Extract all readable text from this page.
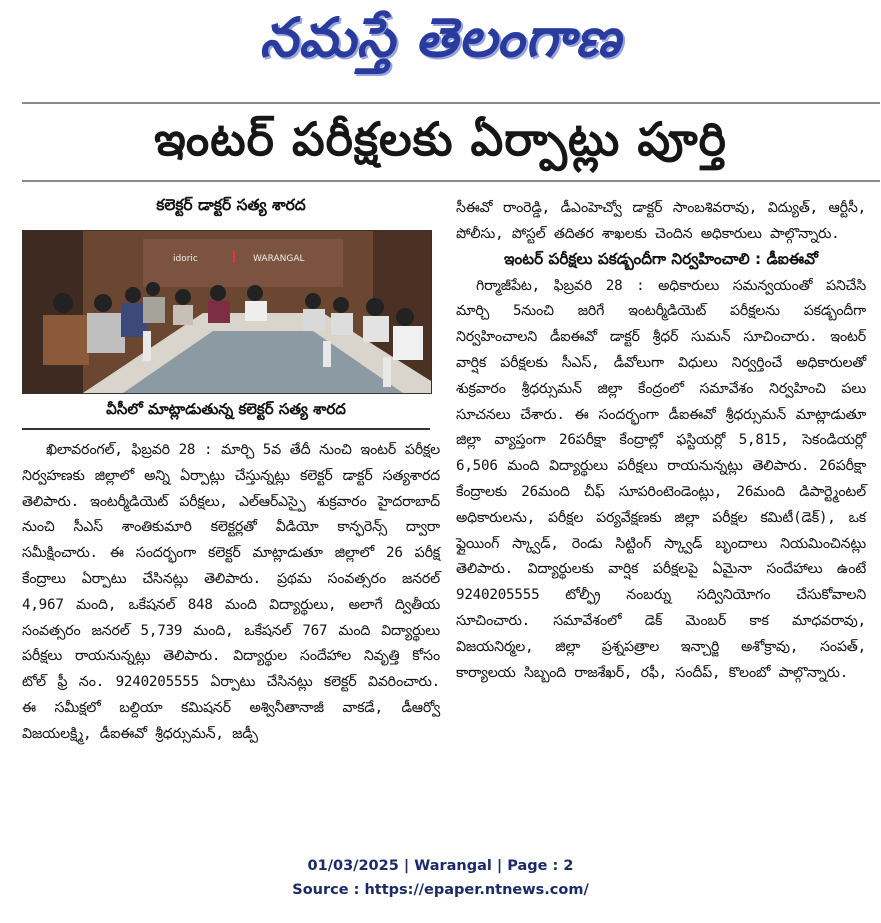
నమస్తే తెలంగాణ
ఇంటర్ పరీక్షలకు ఏర్పాట్లు పూర్తి
కలెక్టర్ డాక్టర్ సత్య శారద
WARANGAL
idoric
వీసీలో మాట్లాడుతున్న కలెక్టర్ సత్య శారద

ఖిలావరంగల్, ఫిబ్రవరి 28 : మార్చి 5వ తేదీ నుంచి ఇంటర్ పరీక్షల నిర్వహణకు జిల్లాలో అన్ని ఏర్పాట్లు చేస్తున్నట్లు కలెక్టర్ డాక్టర్ సత్యశారద తెలిపారు. ఇంటర్మీడియెట్ పరీక్షలు, ఎల్ఆర్ఎస్పై శుక్రవారం హైదరాబాద్ నుంచి సీఎస్ శాంతికుమారి కలెక్టర్లతో వీడియో కాన్ఫరెన్స్ ద్వారా సమీక్షించారు. ఈ సందర్భంగా కలెక్టర్ మాట్లాడుతూ జిల్లాలో 26 పరీక్ష కేంద్రాలు ఏర్పాటు చేసినట్లు తెలిపారు. ప్రథమ సంవత్సరం జనరల్ 4,967 మంది, ఒకేషనల్ 848 మంది విద్యార్థులు, అలాగే ద్వితీయ సంవత్సరం జనరల్ 5,739 మంది, ఒకేషనల్ 767 మంది విద్యార్థులు పరీక్షలు రాయనున్నట్లు తెలిపారు. విద్యార్థుల సందేహాల నివృత్తి కోసం టోల్ ఫ్రీ నం. 9240205555 ఏర్పాటు చేసినట్లు కలెక్టర్ వివరించారు. ఈ సమీక్షలో బల్దియా కమిషనర్ అశ్వినీతానాజీ వాకడే, డీఆర్వో విజయలక్ష్మి, డీఐఈవో శ్రీధర్సుమన్, జడ్పీ

సీఈవో రాంరెడ్డి, డీఎంహెచ్వో డాక్టర్ సాంబశివరావు, విద్యుత్, ఆర్టీసీ, పోలీసు, పోస్టల్ తదితర శాఖలకు చెందిన అధికారులు పాల్గొన్నారు.

ఇంటర్ పరీక్షలు పకడ్బందీగా నిర్వహించాలి : డీఐఈవో

గిర్మాజీపేట, ఫిబ్రవరి 28 : అధికారులు సమన్వయంతో పనిచేసి మార్చి 5నుంచి జరిగే ఇంటర్మీడియెట్ పరీక్షలను పకడ్బందీగా నిర్వహించాలని డీఐఈవో డాక్టర్ శ్రీధర్ సుమన్ సూచించారు. ఇంటర్ వార్షిక పరీక్షలకు సీఎస్, డీవోలుగా విధులు నిర్వర్తించే అధికారులతో శుక్రవారం శ్రీధర్సుమన్ జిల్లా కేంద్రంలో సమావేశం నిర్వహించి పలు సూచనలు చేశారు. ఈ సందర్భంగా డీఐఈవో శ్రీధర్సుమన్ మాట్లాడుతూ జిల్లా వ్యాప్తంగా 26పరీక్షా కేంద్రాల్లో ఫస్టియర్లో 5,815, సెకండియర్లో 6,506 మంది విద్యార్థులు పరీక్షలు రాయనున్నట్లు తెలిపారు. 26పరీక్షా కేంద్రాలకు 26మంది చీఫ్ సూపరింటెండెంట్లు, 26మంది డిపార్ట్మెంటల్ అధికారులను, పరీక్షల పర్యవేక్షణకు జిల్లా పరీక్షల కమిటీ(డెక్), ఒక ఫ్లైయింగ్ స్క్వాడ్, రెండు సిట్టింగ్ స్క్వాడ్ బృందాలు నియమించినట్లు తెలిపారు. విద్యార్థులకు వార్షిక పరీక్షలపై ఏమైనా సందేహాలు ఉంటే 9240205555 టోల్ఫ్రీ నంబర్ను సద్వినియోగం చేసుకోవాలని సూచించారు. సమావేశంలో డెక్ మెంబర్ కాక మాధవరావు, విజయనిర్మల, జిల్లా ప్రశ్నపత్రాల ఇన్చార్జి అశోక్రావు, సంపత్, కార్యాలయ సిబ్బంది రాజశేఖర్, రఫీ, సందీప్, కొలంబో పాల్గొన్నారు.

01/03/2025 | Warangal | Page : 2
Source : https://epaper.ntnews.com/
